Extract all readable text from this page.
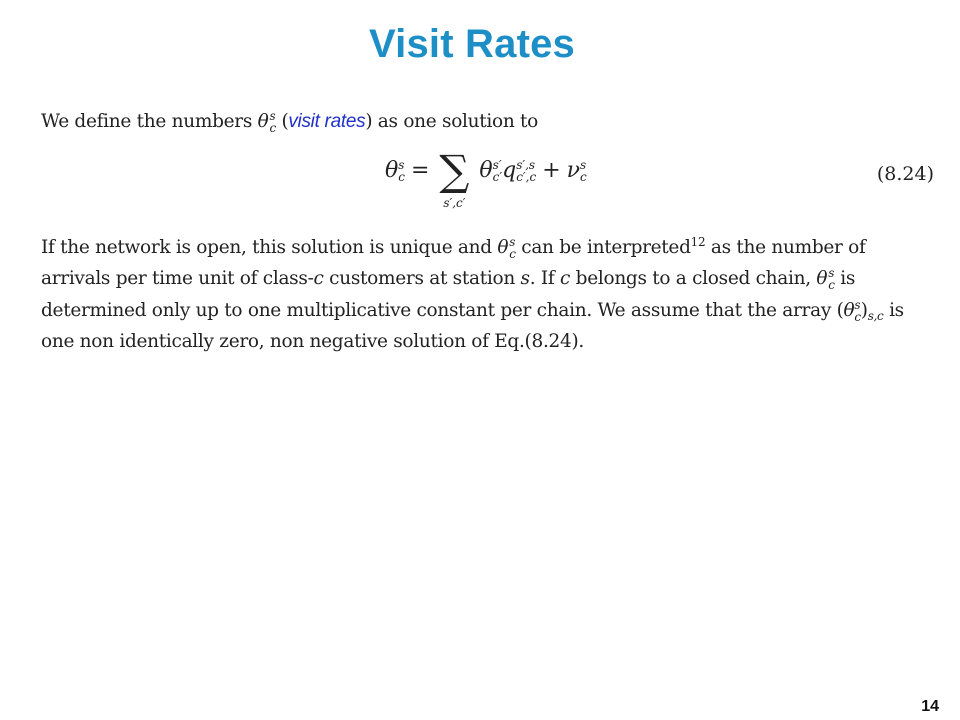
Visit Rates
We define the numbers θ s
c (visit rates) as one solution to
θ s
c = ∑
s′,c′
θ s′
c′ q s′,s
c′,c + ν s
c	(8.24)
If the network is open, this solution is unique and θ s
c can be interpreted$^{12}$ as the number of arrivals per time unit of class-c customers at station s. If c belongs to a closed chain, θ s
c is determined only up to one multiplicative constant per chain. We assume that the array (θ s
c )$_{s,c}$ is one non identically zero, non negative solution of Eq.(8.24).
14
